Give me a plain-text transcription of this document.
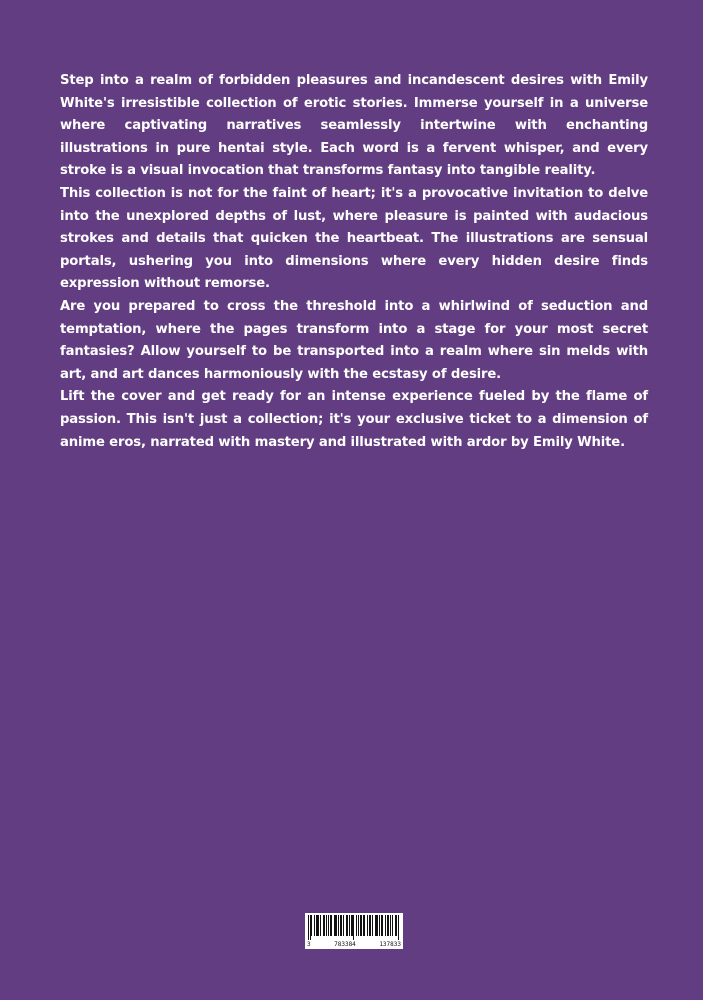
Step into a realm of forbidden pleasures and incandescent desires with Emily White's irresistible collection of erotic stories. Immerse yourself in a universe where captivating narratives seamlessly intertwine with enchanting illustrations in pure hentai style. Each word is a fervent whisper, and every stroke is a visual invocation that transforms fantasy into tangible reality.

This collection is not for the faint of heart; it's a provocative invitation to delve into the unexplored depths of lust, where pleasure is painted with audacious strokes and details that quicken the heartbeat. The illustrations are sensual portals, ushering you into dimensions where every hidden desire finds expression without remorse.

Are you prepared to cross the threshold into a whirlwind of seduction and temptation, where the pages transform into a stage for your most secret fantasies? Allow yourself to be transported into a realm where sin melds with art, and art dances harmoniously with the ecstasy of desire.

Lift the cover and get ready for an intense experience fueled by the flame of passion. This isn't just a collection; it's your exclusive ticket to a dimension of anime eros, narrated with mastery and illustrated with ardor by Emily White.

3	783384	137833
